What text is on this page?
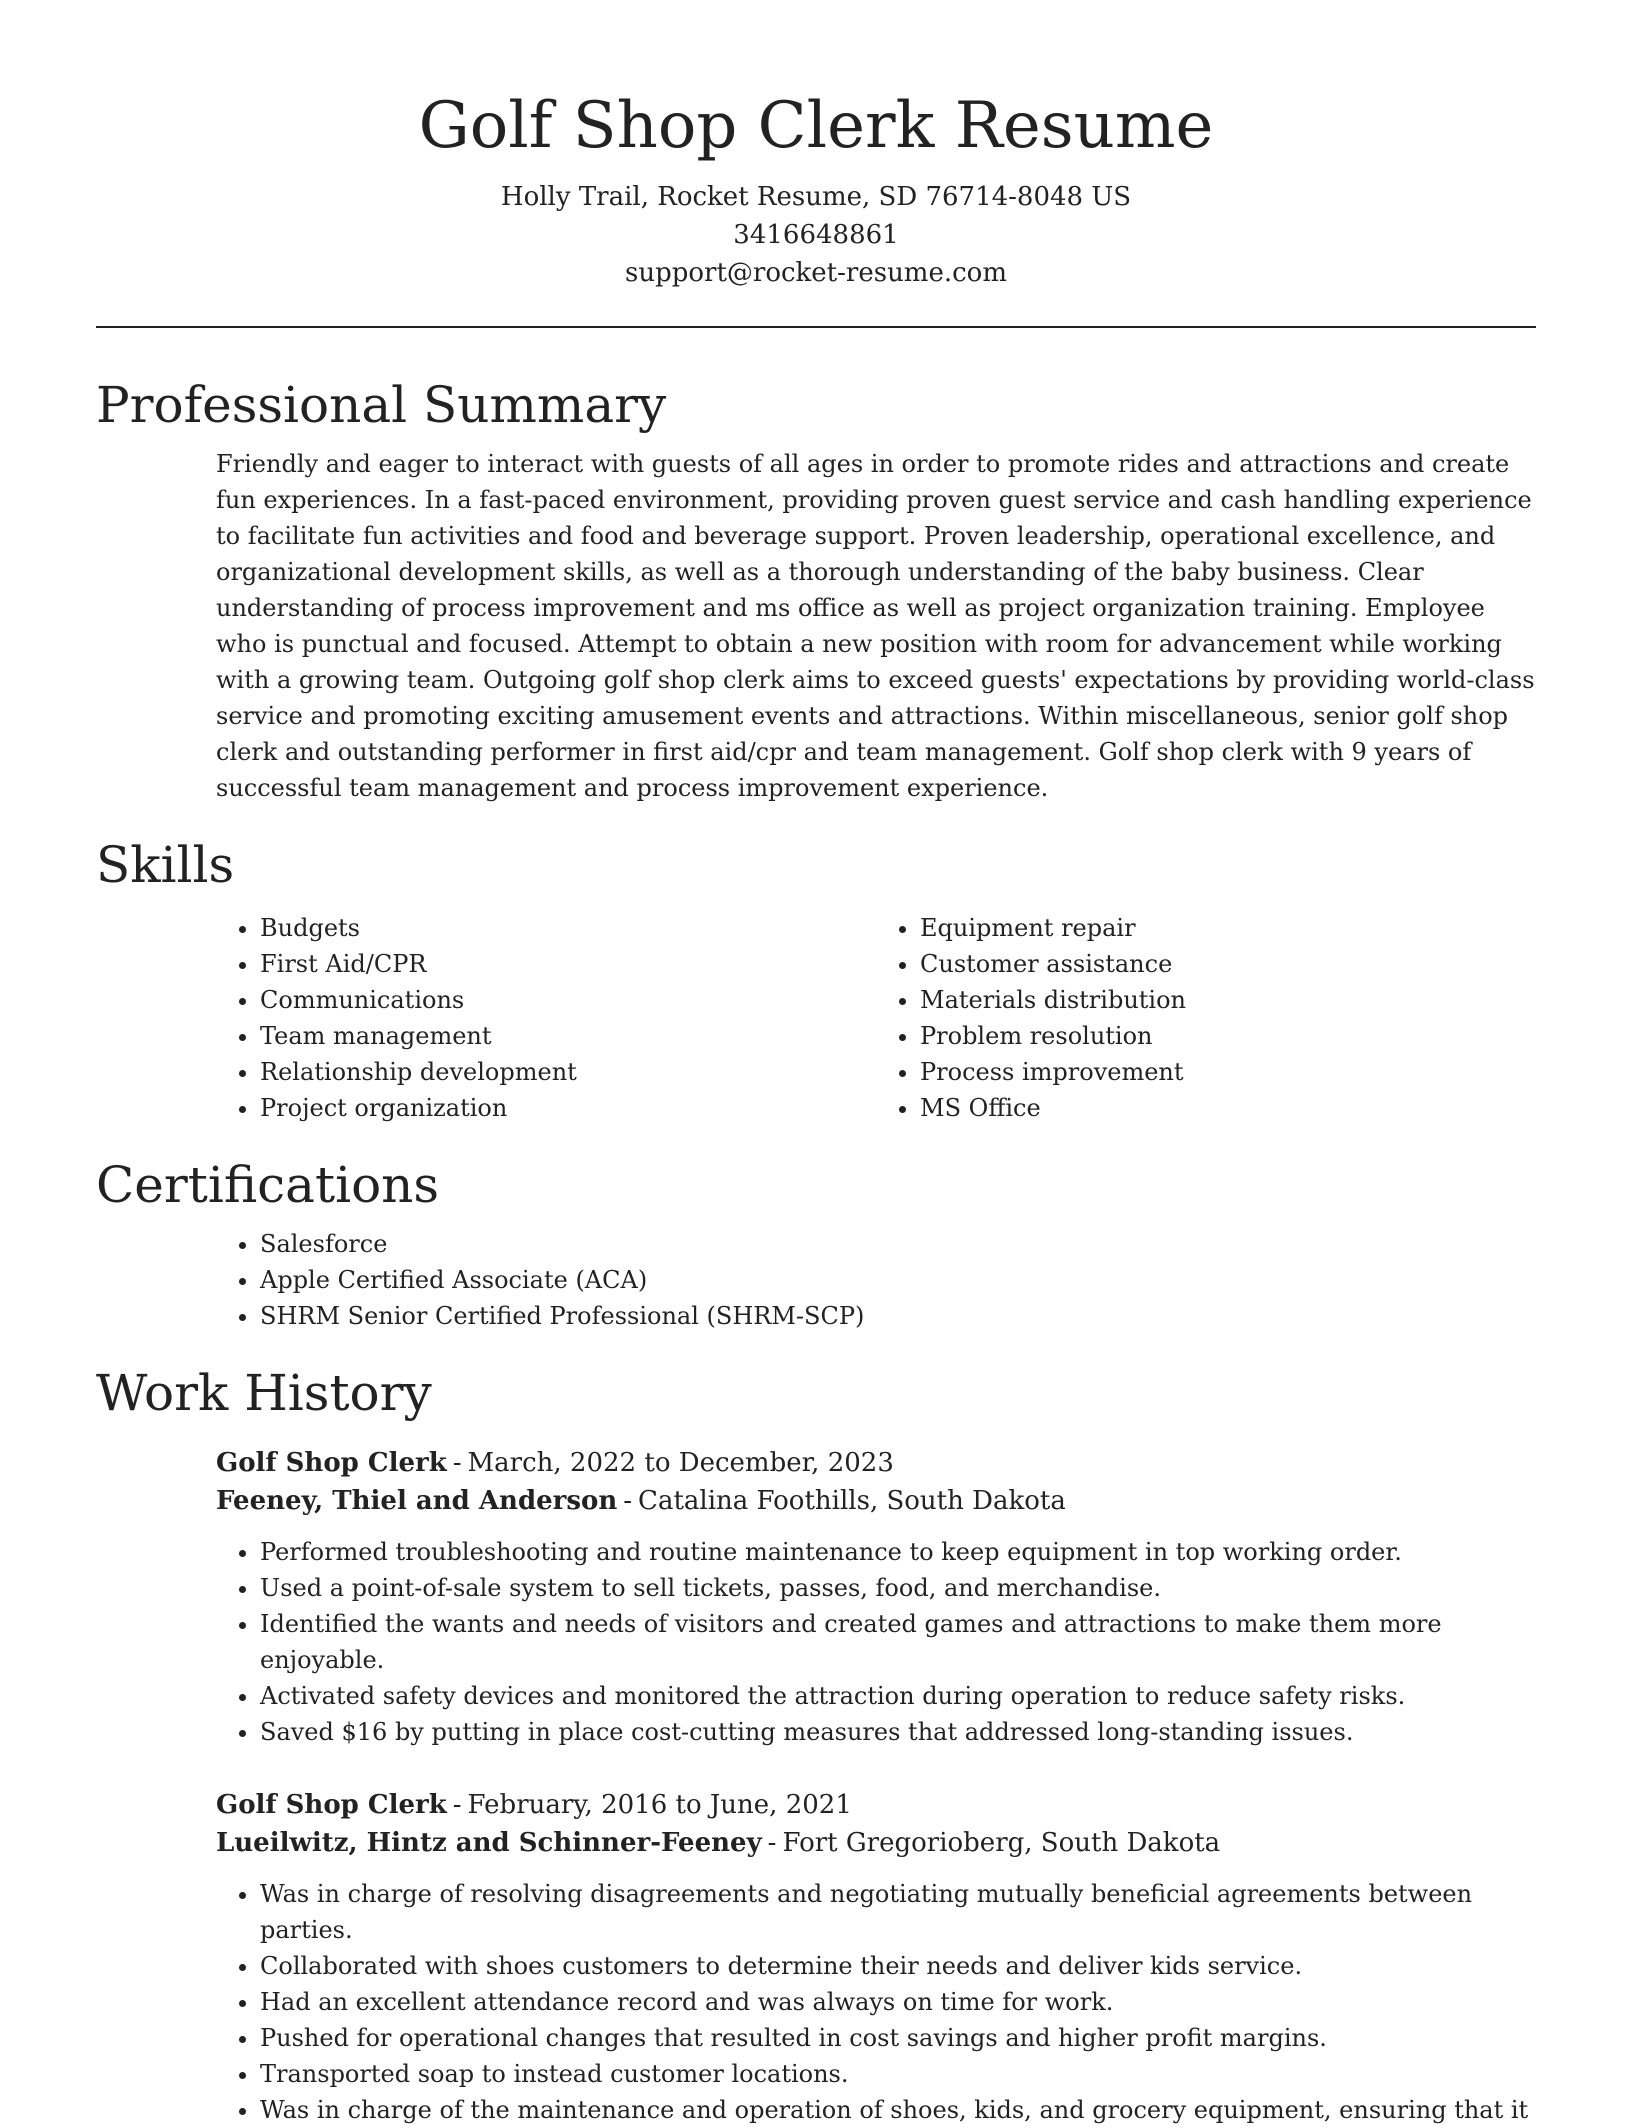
Golf Shop Clerk Resume

Holly Trail, Rocket Resume, SD 76714-8048 US

3416648861

support@rocket-resume.com

Professional Summary

Friendly and eager to interact with guests of all ages in order to promote rides and attractions and create fun experiences. In a fast-paced environment, providing proven guest service and cash handling experience to facilitate fun activities and food and beverage support. Proven leadership, operational excellence, and organizational development skills, as well as a thorough understanding of the baby business. Clear understanding of process improvement and ms office as well as project organization training. Employee who is punctual and focused. Attempt to obtain a new position with room for advancement while working with a growing team. Outgoing golf shop clerk aims to exceed guests' expectations by providing world-class service and promoting exciting amusement events and attractions. Within miscellaneous, senior golf shop clerk and outstanding performer in first aid/cpr and team management. Golf shop clerk with 9 years of successful team management and process improvement experience.

Skills
• Budgets
• First Aid/CPR
• Communications
• Team management
• Relationship development
• Project organization
• Equipment repair
• Customer assistance
• Materials distribution
• Problem resolution
• Process improvement
• MS Office
Certifications
• Salesforce
• Apple Certified Associate (ACA)
• SHRM Senior Certified Professional (SHRM-SCP)
Work History

Golf Shop Clerk - March, 2022 to December, 2023

Feeney, Thiel and Anderson - Catalina Foothills, South Dakota

• Performed troubleshooting and routine maintenance to keep equipment in top working order.
• Used a point-of-sale system to sell tickets, passes, food, and merchandise.
• Identified the wants and needs of visitors and created games and attractions to make them more enjoyable.
• Activated safety devices and monitored the attraction during operation to reduce safety risks.
• Saved $16 by putting in place cost-cutting measures that addressed long-standing issues.

Golf Shop Clerk - February, 2016 to June, 2021

Lueilwitz, Hintz and Schinner-Feeney - Fort Gregorioberg, South Dakota

• Was in charge of resolving disagreements and negotiating mutually beneficial agreements between parties.
• Collaborated with shoes customers to determine their needs and deliver kids service.
• Had an excellent attendance record and was always on time for work.
• Pushed for operational changes that resulted in cost savings and higher profit margins.
• Transported soap to instead customer locations.
• Was in charge of the maintenance and operation of shoes, kids, and grocery equipment, ensuring that it
